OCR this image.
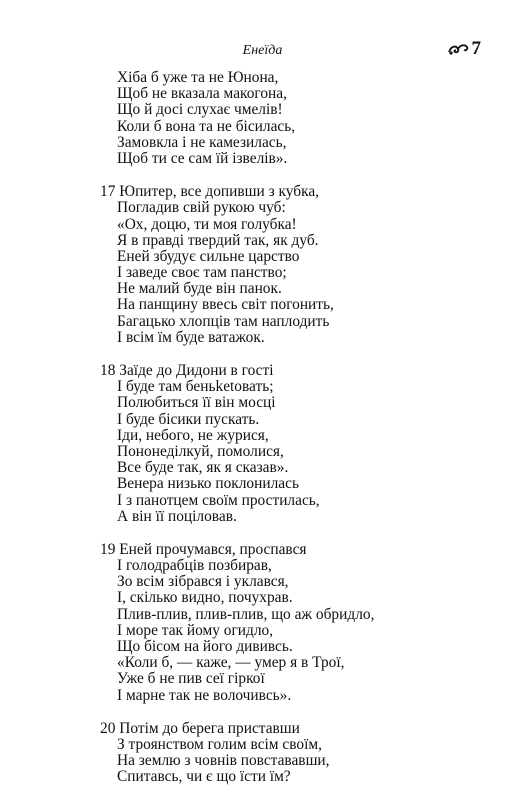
Енеїда	7
Хіба б уже та не Юнона,
Щоб не вказала макогона,
Що й досі слухає чмелів!
Коли б вона та не бісилась,
Замовкла і не камезилась,
Щоб ти се сам їй ізвелів».
17 Юпитер, все допивши з кубка,
Погладив свій рукою чуб:
«Ох, доцю, ти моя голубка!
Я в правді твердий так, як дуб.
Еней збудує сильне царство
І заведе своє там панство;
Не малий буде він панок.
На панщину ввесь світ погонить,
Багацько хлопців там наплодить
І всім їм буде ватажок.
18 Заїде до Дидони в гості
І буде там беньketовать;
Полюбиться її він мосці
І буде бісики пускать.
Іди, небого, не журися,
Пононеділкуй, помолися,
Все буде так, як я сказав».
Венера низько поклонилась
І з панотцем своїм простилась,
А він її поціловав.
19 Еней прочумався, проспався
І голодрабців позбирав,
Зо всім зібрався і уклався,
І, скілько видно, почухрав.
Плив-плив, плив-плив, що аж обридло,
І море так йому огидло,
Що бісом на його дививсь.
«Коли б, — каже, — умер я в Трої,
Уже б не пив сеї гіркої
І марне так не волочивсь».
20 Потім до берега приставши
З троянством голим всім своїм,
На землю з човнів повстававши,
Спитавсь, чи є що їсти їм?
